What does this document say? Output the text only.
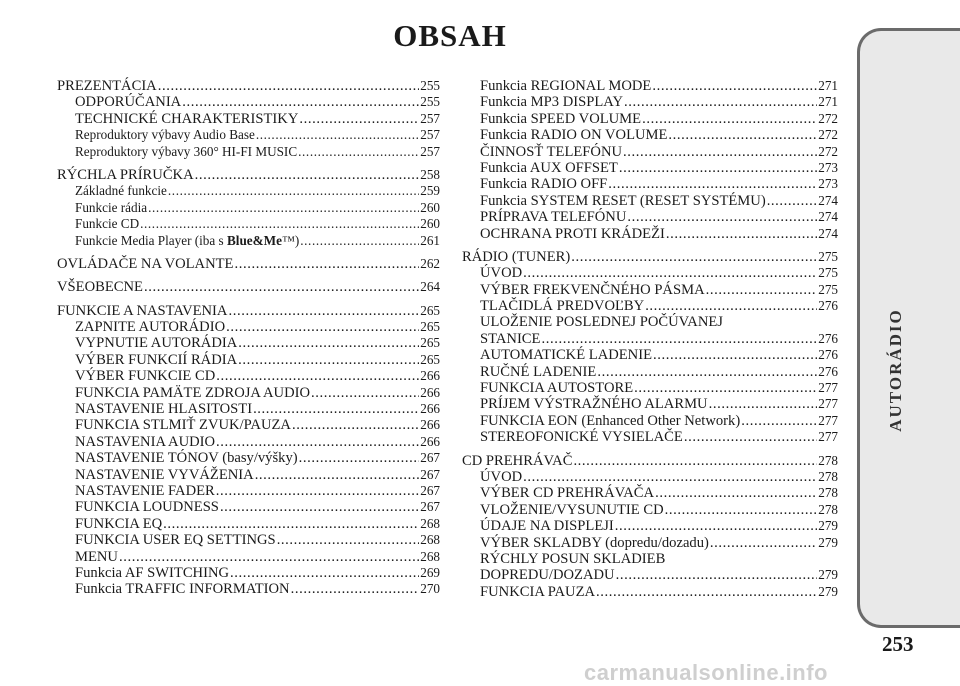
OBSAH
PREZENTÁCIA .....	255
ODPORÚČANIA .....	255
TECHNICKÉ CHARAKTERISTIKY .....	257
Reproduktory výbavy Audio Base .....	257
Reproduktory výbavy 360° HI-FI MUSIC .....	257
RÝCHLA PRÍRUČKA .....	258
Základné funkcie .....	259
Funkcie rádia .....	260
Funkcie CD .....	260
Funkcie Media Player (iba s Blue&Me™) .....	261
OVLÁDAČE NA VOLANTE .....	262
VŠEOBECNE .....	264
FUNKCIE A NASTAVENIA .....	265
ZAPNITE AUTORÁDIO .....	265
VYPNUTIE AUTORÁDIA .....	265
VÝBER FUNKCIÍ RÁDIA .....	265
VÝBER FUNKCIE CD .....	266
FUNKCIA PAMÄTE ZDROJA AUDIO .....	266
NASTAVENIE HLASITOSTI .....	266
FUNKCIA STLMIŤ ZVUK/PAUZA .....	266
NASTAVENIA AUDIO .....	266
NASTAVENIE TÓNOV (basy/výšky) .....	267
NASTAVENIE VYVÁŽENIA .....	267
NASTAVENIE FADER .....	267
FUNKCIA LOUDNESS .....	267
FUNKCIA EQ .....	268
FUNKCIA USER EQ SETTINGS .....	268
MENU .....	268
Funkcia AF SWITCHING .....	269
Funkcia TRAFFIC INFORMATION .....	270
Funkcia REGIONAL MODE .....	271
Funkcia MP3 DISPLAY .....	271
Funkcia SPEED VOLUME .....	272
Funkcia RADIO ON VOLUME .....	272
ČINNOSŤ TELEFÓNU .....	272
Funkcia AUX OFFSET .....	273
Funkcia RADIO OFF .....	273
Funkcia SYSTEM RESET (RESET SYSTÉMU) .....	274
PRÍPRAVA TELEFÓNU .....	274
OCHRANA PROTI KRÁDEŽI .....	274
RÁDIO (TUNER) .....	275
ÚVOD .....	275
VÝBER FREKVENČNÉHO PÁSMA .....	275
TLAČIDLÁ PREDVOĽBY .....	276
ULOŽENIE POSLEDNEJ POČÚVANEJ
STANICE .....	276
AUTOMATICKÉ LADENIE .....	276
RUČNÉ LADENIE .....	276
FUNKCIA AUTOSTORE .....	277
PRÍJEM VÝSTRAŽNÉHO ALARMU .....	277
FUNKCIA EON (Enhanced Other Network) .....	277
STEREOFONICKÉ VYSIELAČE .....	277
CD PREHRÁVAČ .....	278
ÚVOD .....	278
VÝBER CD PREHRÁVAČA .....	278
VLOŽENIE/VYSUNUTIE CD .....	278
ÚDAJE NA DISPLEJI .....	279
VÝBER SKLADBY (dopredu/dozadu) .....	279
RÝCHLY POSUN SKLADIEB
DOPREDU/DOZADU .....	279
FUNKCIA PAUZA .....	279
AUTORÁDIO
253
carmanualsonline.info
